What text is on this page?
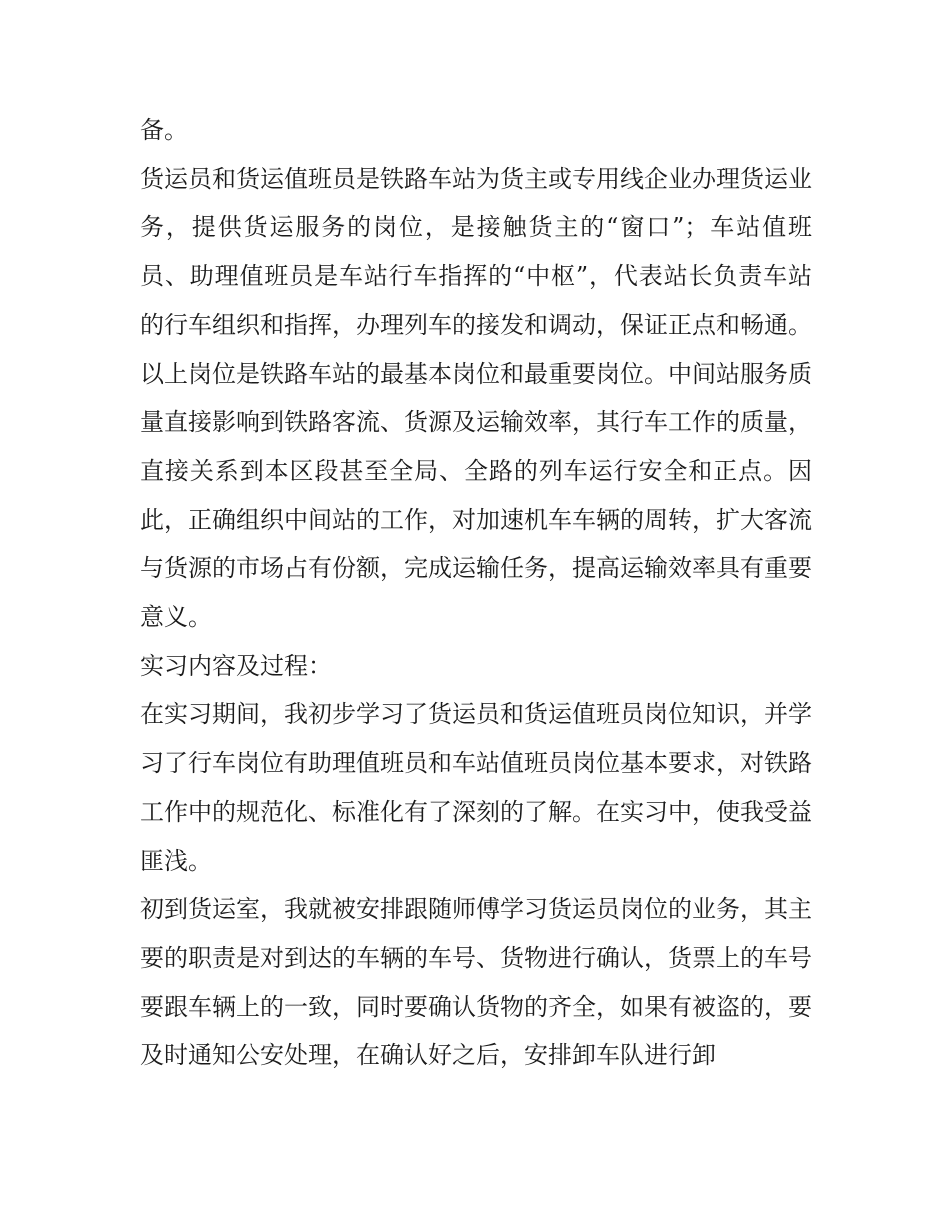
备。

货运员和货运值班员是铁路车站为货主或专用线企业办理货运业务，提供货运服务的岗位，是接触货主的“窗口”；车站值班员、助理值班员是车站行车指挥的“中枢”，代表站长负责车站的行车组织和指挥，办理列车的接发和调动，保证正点和畅通。以上岗位是铁路车站的最基本岗位和最重要岗位。中间站服务质量直接影响到铁路客流、货源及运输效率，其行车工作的质量，直接关系到本区段甚至全局、全路的列车运行安全和正点。因此，正确组织中间站的工作，对加速机车车辆的周转，扩大客流与货源的市场占有份额，完成运输任务，提高运输效率具有重要意义。

实习内容及过程：

在实习期间，我初步学习了货运员和货运值班员岗位知识，并学习了行车岗位有助理值班员和车站值班员岗位基本要求，对铁路工作中的规范化、标准化有了深刻的了解。在实习中，使我受益匪浅。

初到货运室，我就被安排跟随师傅学习货运员岗位的业务，其主要的职责是对到达的车辆的车号、货物进行确认，货票上的车号要跟车辆上的一致，同时要确认货物的齐全，如果有被盗的，要及时通知公安处理，在确认好之后，安排卸车队进行卸
